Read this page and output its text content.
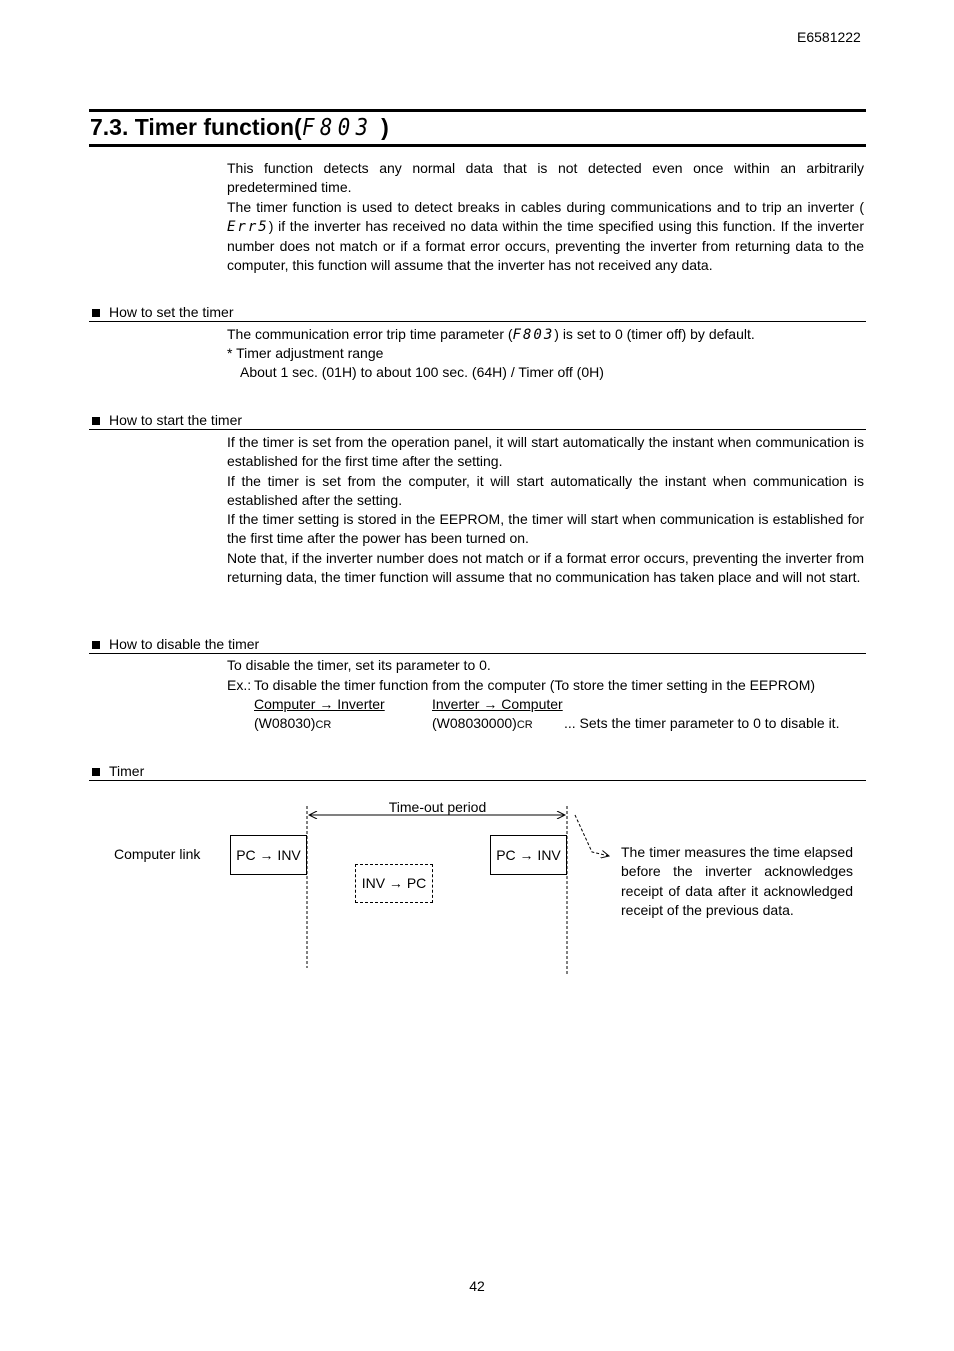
E6581222
7.3. Timer function(F803 )

This function detects any normal data that is not detected even once within an arbitrarily predetermined time.

The timer function is used to detect breaks in cables during communications and to trip an inverter (Err5) if the inverter has received no data within the time specified using this function. If the inverter number does not match or if a format error occurs, preventing the inverter from returning data to the computer, this function will assume that the inverter has not received any data.

How to set the timer
The communication error trip time parameter (F803) is set to 0 (timer off) by default.
* Timer adjustment range
About 1 sec. (01H) to about 100 sec. (64H) / Timer off (0H)
How to start the timer

If the timer is set from the operation panel, it will start automatically the instant when communication is established for the first time after the setting.

If the timer is set from the computer, it will start automatically the instant when communication is established after the setting.

If the timer setting is stored in the EEPROM, the timer will start when communication is established for the first time after the power has been turned on.

Note that, if the inverter number does not match or if a format error occurs, preventing the inverter from returning data, the timer function will assume that no communication has taken place and will not start.

How to disable the timer
To disable the timer, set its parameter to 0.
Ex.: To disable the timer function from the computer (To store the timer setting in the EEPROM)
Computer → Inverter	Inverter → Computer
(W08030)CR	(W08030000)CR ... Sets the timer parameter to 0 to disable it.
Timer
Time-out period
Computer link	PC → INV
INV → PC
PC → INV	The timer measures the time elapsed before the inverter acknowledges receipt of data after it acknowledged receipt of the previous data.
42
